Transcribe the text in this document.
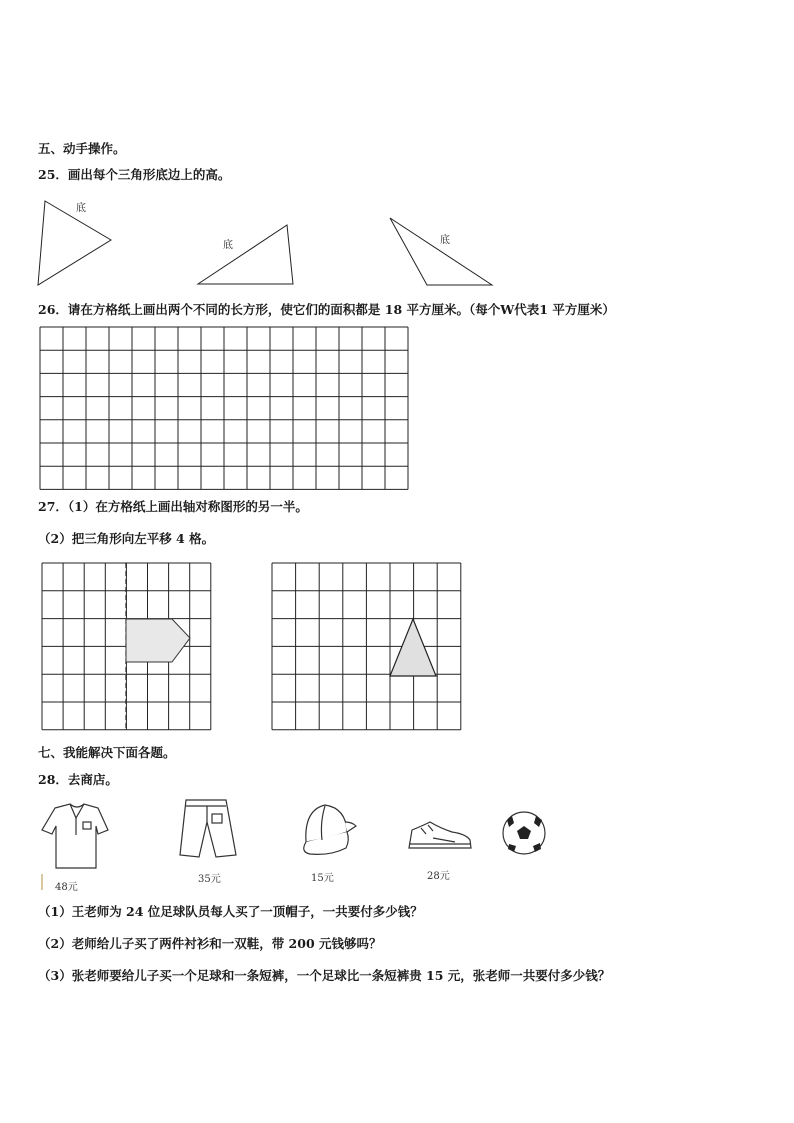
五、动手操作。
25．画出每个三角形底边上的高。
底
底	底
26．请在方格纸上画出两个不同的长方形，使它们的面积都是 18 平方厘米。（每个W代表1 平方厘米）
27．（1）在方格纸上画出轴对称图形的另一半。
（2）把三角形向左平移 4 格。
七、我能解决下面各题。
28．去商店。
48元
35元	15元	28元
（1）王老师为 24 位足球队员每人买了一顶帽子，一共要付多少钱？
（2）老师给儿子买了两件衬衫和一双鞋，带 200 元钱够吗？
（3）张老师要给儿子买一个足球和一条短裤，一个足球比一条短裤贵 15 元，张老师一共要付多少钱？
